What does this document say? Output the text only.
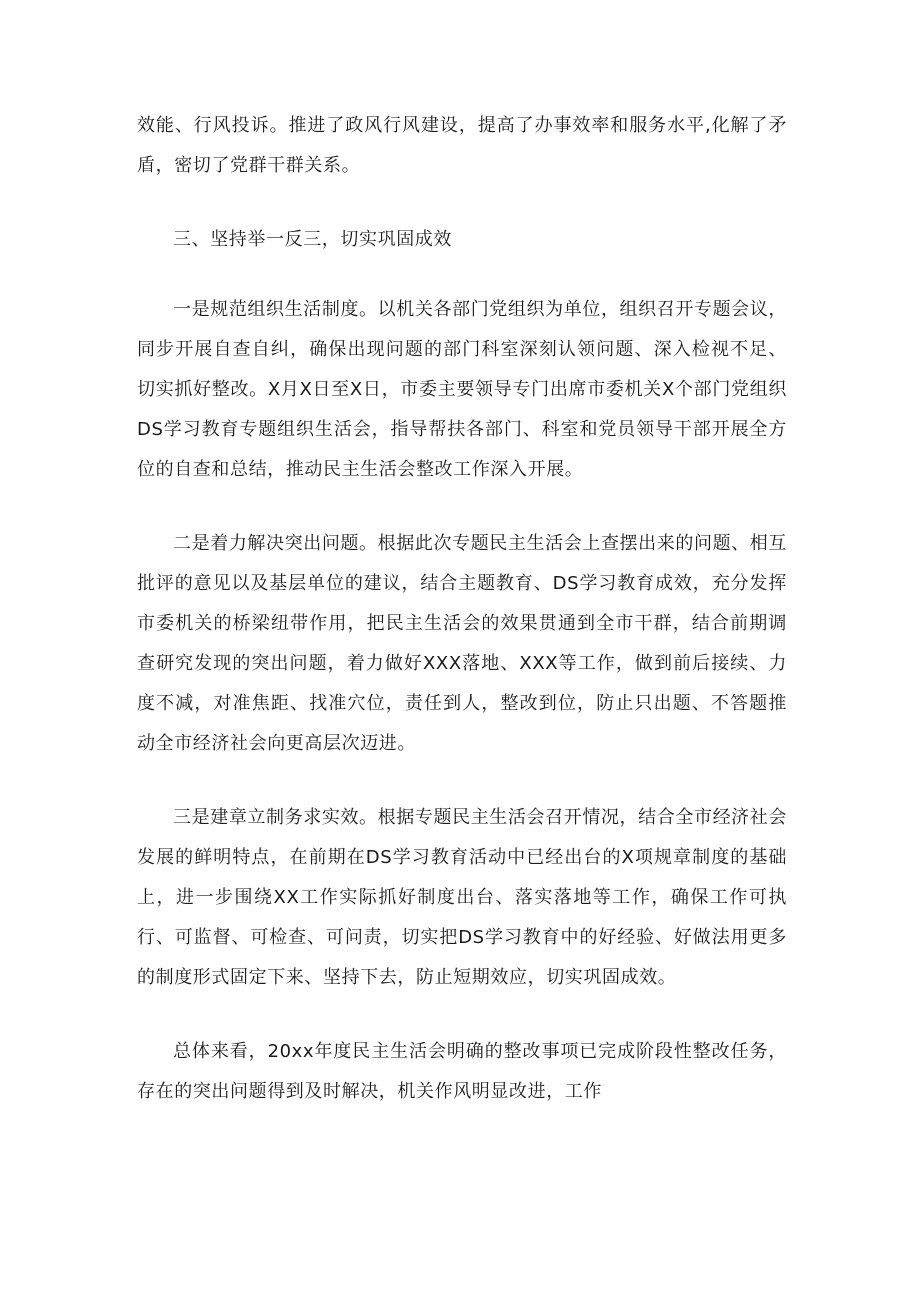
效能、行风投诉。推进了政风行风建设，提高了办事效率和服务水平,化解了矛盾，密切了党群干群关系。

三、坚持举一反三，切实巩固成效

一是规范组织生活制度。以机关各部门党组织为单位，组织召开专题会议，同步开展自查自纠，确保出现问题的部门科室深刻认领问题、深入检视不足、切实抓好整改。X月X日至X日，市委主要领导专门出席市委机关X个部门党组织DS学习教育专题组织生活会，指导帮扶各部门、科室和党员领导干部开展全方位的自查和总结，推动民主生活会整改工作深入开展。

二是着力解决突出问题。根据此次专题民主生活会上查摆出来的问题、相互批评的意见以及基层单位的建议，结合主题教育、DS学习教育成效，充分发挥市委机关的桥梁纽带作用，把民主生活会的效果贯通到全市干群，结合前期调查研究发现的突出问题，着力做好XXX落地、XXX等工作，做到前后接续、力度不减，对准焦距、找准穴位，责任到人，整改到位，防止只出题、不答题推动全市经济社会向更高层次迈进。

三是建章立制务求实效。根据专题民主生活会召开情况，结合全市经济社会发展的鲜明特点，在前期在DS学习教育活动中已经出台的X项规章制度的基础上，进一步围绕XX工作实际抓好制度出台、落实落地等工作，确保工作可执行、可监督、可检查、可问责，切实把DS学习教育中的好经验、好做法用更多的制度形式固定下来、坚持下去，防止短期效应，切实巩固成效。

总体来看，20xx年度民主生活会明确的整改事项已完成阶段性整改任务，存在的突出问题得到及时解决，机关作风明显改进，工作
